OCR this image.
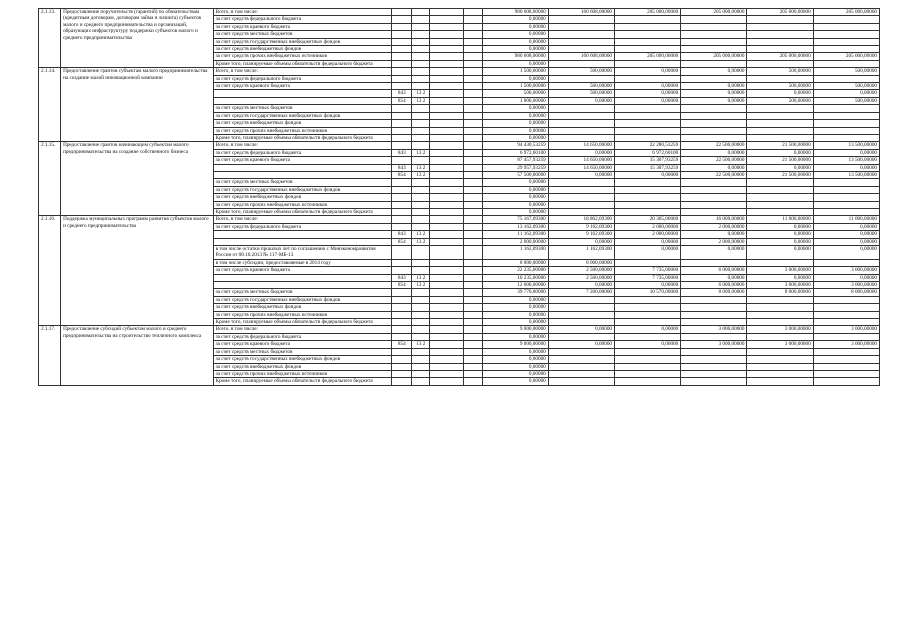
2.1.13.	Предоставление поручительств (гарантий) по обязательствам (кредитным договорам, договорам займа и лизинга) субъектов малого и среднего предпринимательства и организаций, образующих инфраструктуру поддержки субъектов малого и среднего предпринимательства	Всего, в том числе:					980 608,00000	160 608,00000	205 000,00000	205 000,00000	205 000,00000	205 000,00000
		за счет средств федерального бюджета					0,00000					
		за счет средств краевого бюджета					0,00000					
		за счет средств местных бюджетов					0,00000					
		за счет средств государственных внебюджетных фондов					0,00000					
		за счет средств внебюджетных фондов					0,00000					
		за счет средств прочих внебюджетных источников					980 608,00000	160 608,00000	205 000,00000	205 000,00000	205 000,00000	205 000,00000
		Кроме того, планируемые объемы обязательств федерального бюджета					0,00000					
2.1.14.	Предоставление грантов субъектам малого предпринимательства на создание малой инновационной компании	Всего, в том числе:					1 500,00000	500,00000	0,00000	0,00000	500,00000	500,00000
		за счет средств федерального бюджета					0,00000					
		за счет средств краевого бюджета					1 500,00000	500,00000	0,00000	0,00000	500,00000	500,00000
			843	13 2			500,00000	500,00000	0,00000	0,00000	0,00000	0,00000
			854	13 2			1 000,00000	0,00000	0,00000	0,00000	500,00000	500,00000
		за счет средств местных бюджетов					0,00000					
		за счет средств государственных внебюджетных фондов					0,00000					
		за счет средств внебюджетных фондов					0,00000					
		за счет средств прочих внебюджетных источников					0,00000					
		Кроме того, планируемые объемы обязательств федерального бюджета					0,00000					
2.1.15.	Предоставление грантов начинающим субъектам малого предпринимательства на создание собственного бизнеса	Всего, в том числе:					94 430,53259	14 650,00000	22 280,53259	22 500,00000	21 500,00000	13 500,00000
		за счет средств федерального бюджета	843	13 2			6 972,60100	0,00000	6 972,60100	0,00000	0,00000	0,00000
		за счет средств краевого бюджета					87 457,93259	14 650,00000	15 307,93259	22 500,00000	21 500,00000	13 500,00000
			843	13 2			29 957,93259	14 650,00000	15 307,93259	0,00000	0,00000	0,00000
			854	13 2			57 500,00000	0,00000	0,00000	22 500,00000	21 500,00000	13 500,00000
		за счет средств местных бюджетов					0,00000					
		за счет средств государственных внебюджетных фондов					0,00000					
		за счет средств внебюджетных фондов					0,00000					
		за счет средств прочих внебюджетных источников					0,00000					
		Кроме того, планируемые объемы обязательств федерального бюджета					0,00000					
2.1.16.	Поддержка муниципальных программ развития субъектов малого и среднего предпринимательства	Всего, в том числе:					75 167,09300	18 862,09300	20 305,00000	16 000,00000	11 000,00000	11 000,00000
		за счет средств федерального бюджета					13 162,09300	9 162,09300	2 000,00000	2 000,00000	0,00000	0,00000
			843	13 2			11 162,09300	9 162,09300	2 000,00000	0,00000	0,00000	0,00000
			854	13 2			2 000,00000	0,00000	0,00000	2 000,00000	0,00000	0,00000
		в том числе остатки прошлых лет по соглашению с Минэкономразвития России от 08.10.2013 № 117-МБ-13					1 162,09300	1 162,09300	0,00000	0,00000	0,00000	0,00000
		в том числе субсидии, предоставляемые в 2014 году					8 000,00000	8 000,00000				
		за счет средств краевого бюджета					22 235,00000	2 500,00000	7 735,00000	6 000,00000	3 000,00000	3 000,00000
			843	13 2			10 235,00000	2 500,00000	7 735,00000	0,00000	0,00000	0,00000
			854	13 2			12 000,00000	0,00000	0,00000	6 000,00000	3 000,00000	3 000,00000
		за счет средств местных бюджетов					39 770,00000	7 200,00000	10 570,00000	8 000,00000	8 000,00000	8 000,00000
		за счет средств государственных внебюджетных фондов					0,00000					
		за счет средств внебюджетных фондов					0,00000					
		за счет средств прочих внебюджетных источников					0,00000					
		Кроме того, планируемые объемы обязательств федерального бюджета					0,00000					
2.1.17.	Предоставление субсидий субъектам малого и среднего предпринимательства на строительство тепличного комплекса	Всего, в том числе:					9 000,00000	0,00000	0,00000	3 000,00000	3 000,00000	3 000,00000
		за счет средств федерального бюджета					0,00000					
		за счет средств краевого бюджета	854	13 2			9 000,00000	0,00000	0,00000	3 000,00000	3 000,00000	3 000,00000
		за счет средств местных бюджетов					0,00000					
		за счет средств государственных внебюджетных фондов					0,00000					
		за счет средств внебюджетных фондов					0,00000					
		за счет средств прочих внебюджетных источников					0,00000					
		Кроме того, планируемые объемы обязательств федерального бюджета					0,00000					
